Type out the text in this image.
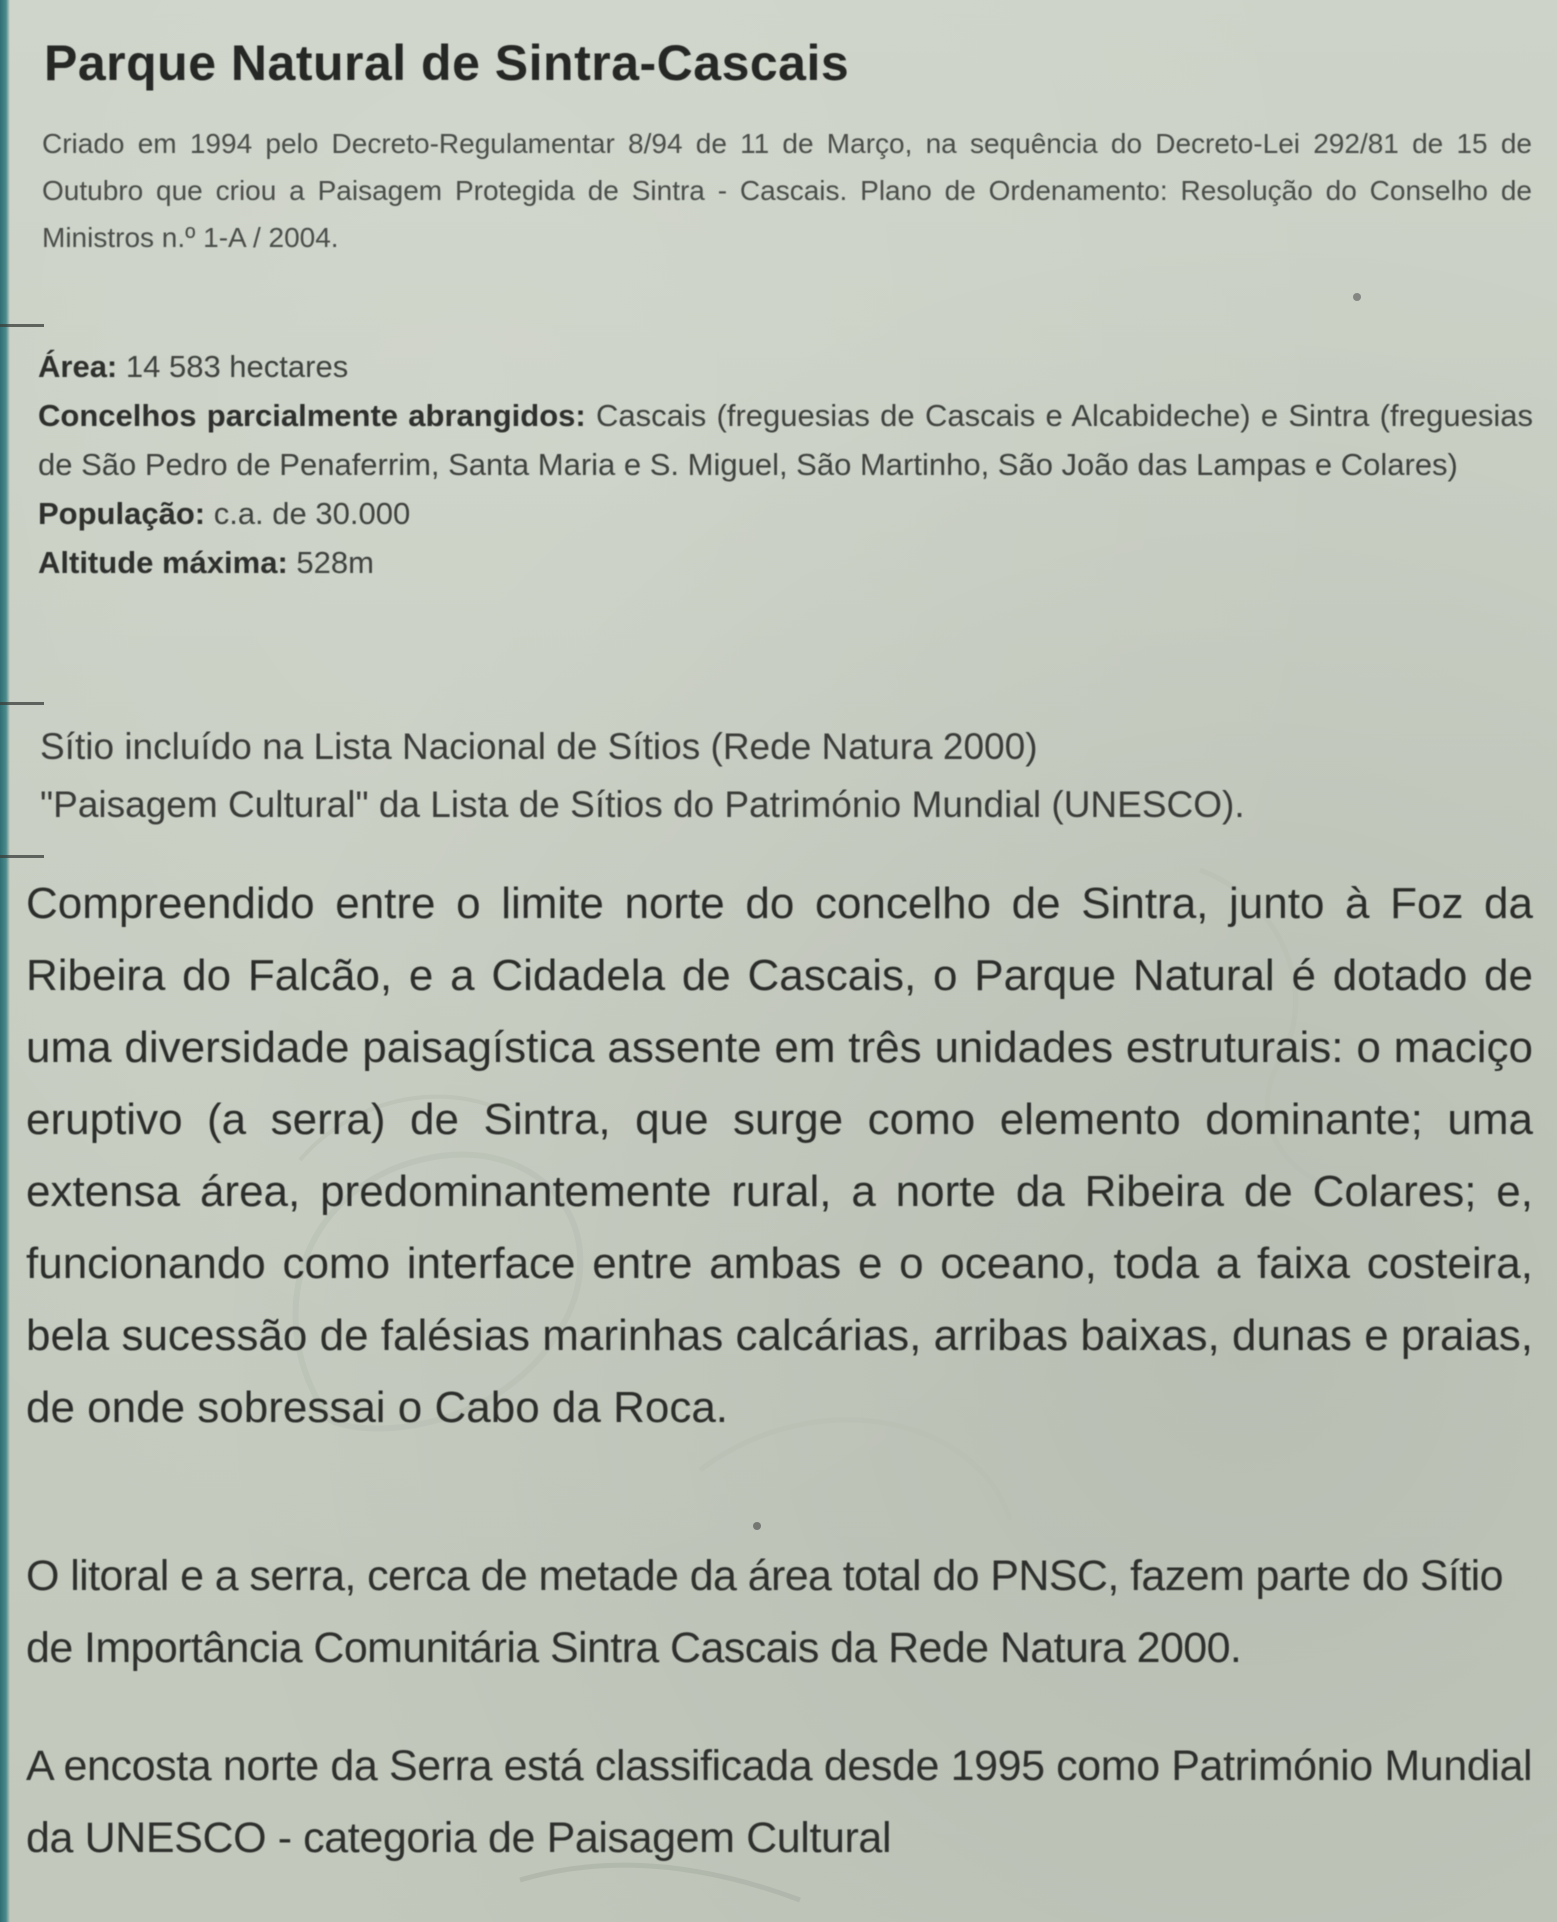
Parque Natural de Sintra-Cascais
Criado em 1994 pelo Decreto-Regulamentar 8/94 de 11 de Março, na sequência do Decreto-Lei 292/81 de 15 de Outubro que criou a Paisagem Protegida de Sintra - Cascais. Plano de Ordenamento: Resolução do Conselho de Ministros n.º 1-A / 2004.
Área: 14 583 hectares
Concelhos parcialmente abrangidos: Cascais (freguesias de Cascais e Alcabideche) e Sintra (freguesias de São Pedro de Penaferrim, Santa Maria e S. Miguel, São Martinho, São João das Lampas e Colares)
População: c.a. de 30.000
Altitude máxima: 528m
Sítio incluído na Lista Nacional de Sítios (Rede Natura 2000)
"Paisagem Cultural" da Lista de Sítios do Património Mundial (UNESCO).
Compreendido entre o limite norte do concelho de Sintra, junto à Foz da Ribeira do Falcão, e a Cidadela de Cascais, o Parque Natural é dotado de uma diversidade paisagística assente em três unidades estruturais: o maciço eruptivo (a serra) de Sintra, que surge como elemento dominante; uma extensa área, predominantemente rural, a norte da Ribeira de Colares; e, funcionando como interface entre ambas e o oceano, toda a faixa costeira, bela sucessão de falésias marinhas calcárias, arribas baixas, dunas e praias, de onde sobressai o Cabo da Roca.
O litoral e a serra, cerca de metade da área total do PNSC, fazem parte do Sítio de Importância Comunitária Sintra Cascais da Rede Natura 2000.
A encosta norte da Serra está classificada desde 1995 como Património Mundial da UNESCO - categoria de Paisagem Cultural
